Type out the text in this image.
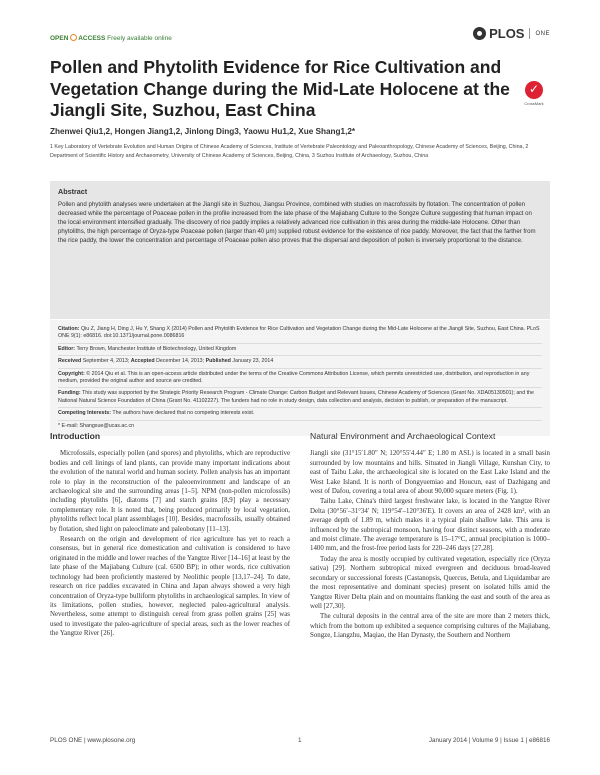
OPEN ACCESS Freely available online	PLOS ONE
Pollen and Phytolith Evidence for Rice Cultivation and Vegetation Change during the Mid-Late Holocene at the Jiangli Site, Suzhou, East China
✓	CrossMark
Zhenwei Qiu1,2, Hongen Jiang1,2, Jinlong Ding3, Yaowu Hu1,2, Xue Shang1,2*
1 Key Laboratory of Vertebrate Evolution and Human Origins of Chinese Academy of Sciences, Institute of Vertebrate Paleontology and Paleoanthropology, Chinese Academy of Sciences, Beijing, China, 2 Department of Scientific History and Archaeometry, University of Chinese Academy of Sciences, Beijing, China, 3 Suzhou Institute of Archaeology, Suzhou, China
Abstract

Pollen and phytolith analyses were undertaken at the Jiangli site in Suzhou, Jiangsu Province, combined with studies on macrofossils by flotation. The concentration of pollen decreased while the percentage of Poaceae pollen in the profile increased from the late phase of the Majiabang Culture to the Songze Culture suggesting that human impact on the local environment intensified gradually. The discovery of rice paddy implies a relatively advanced rice cultivation in this area during the middle-late Holocene. Other than phytoliths, the high percentage of Oryza-type Poaceae pollen (larger than 40 μm) supplied robust evidence for the existence of rice paddy. Moreover, the fact that the farther from the rice paddy, the lower the concentration and percentage of Poaceae pollen also proves that the dispersal and deposition of pollen is inversely proportional to the distance.

Citation: Qiu Z, Jiang H, Ding J, Hu Y, Shang X (2014) Pollen and Phytolith Evidence for Rice Cultivation and Vegetation Change during the Mid-Late Holocene at the Jiangli Site, Suzhou, East China. PLoS ONE 9(1): e86816. doi:10.1371/journal.pone.0086816

Editor: Terry Brown, Manchester Institute of Biotechnology, United Kingdom

Received September 4, 2013; Accepted December 14, 2013; Published January 23, 2014

Copyright: © 2014 Qiu et al. This is an open-access article distributed under the terms of the Creative Commons Attribution License, which permits unrestricted use, distribution, and reproduction in any medium, provided the original author and source are credited.

Funding: This study was supported by the Strategic Priority Research Program - Climate Change: Carbon Budget and Relevant Issues, Chinese Academy of Sciences (Grant No. XDA05130501); and the National Natural Science Foundation of China (Grant No. 41102227). The funders had no role in study design, data collection and analysis, decision to publish, or preparation of the manuscript.

Competing Interests: The authors have declared that no competing interests exist.

* E-mail: Shangxue@ucas.ac.cn

Introduction

Microfossils, especially pollen (and spores) and phytoliths, which are reproductive bodies and cell linings of land plants, can provide many important indications about the evolution of the natural world and human society. Pollen analysis has an important role to play in the reconstruction of the paleoenvironment and landscape of an archaeological site and the surrounding areas [1–5]. NPM (non-pollen microfossils) including phytoliths [6], diatoms [7] and starch grains [8,9] play a necessary complementary role. It is noted that, being produced primarily by local vegetation, phytoliths reflect local plant assemblages [10]. Besides, macrofossils, usually obtained by flotation, shed light on paleoclimate and paleobotany [11–13].

Research on the origin and development of rice agriculture has yet to reach a consensus, but in general rice domestication and cultivation is considered to have originated in the middle and lower reaches of the Yangtze River [14–16] at least by the late phase of the Majiabang Culture (cal. 6500 BP); in other words, rice cultivation technology had been proficiently mastered by Neolithic people [13,17–24]. To date, research on rice paddies excavated in China and Japan always showed a very high concentration of Oryza-type bulliform phytoliths in archaeological samples. In view of its limitations, pollen studies, however, neglected paleo-agricultural analysis. Nevertheless, some attempt to distinguish cereal from grass pollen grains [25] was used to investigate the paleo-agriculture of special areas, such as the lower reaches of the Yangtze River [26].

Natural Environment and Archaeological Context

Jiangli site (31°15′1.80″ N; 120°55′4.44″ E; 1.80 m ASL) is located in a small basin surrounded by low mountains and hills. Situated in Jiangli Village, Kunshan City, to east of Taihu Lake, the archaeological site is located on the East Lake Island and the West Lake Island. It is north of Dongyuemiao and Houcun, east of Dazhigang and west of Dafou, covering a total area of about 90,000 square meters (Fig. 1).

Taihu Lake, China's third largest freshwater lake, is located in the Yangtze River Delta (30°56′–31°34′ N; 119°54′–120°36′E). It covers an area of 2428 km², with an average depth of 1.89 m, which makes it a typical plain shallow lake. This area is influenced by the subtropical monsoon, having four distinct seasons, with a moderate and moist climate. The average temperature is 15–17°C, annual precipitation is 1000–1400 mm, and the frost-free period lasts for 220–246 days [27,28].

Today the area is mostly occupied by cultivated vegetation, especially rice (Oryza sativa) [29]. Northern subtropical mixed evergreen and deciduous broad-leaved secondary or successional forests (Castanopsis, Quercus, Betula, and Liquidambar are the most representative and dominant species) present on isolated hills amid the Yangtze River Delta plain and on mountains flanking the east and south of the area as well [27,30].

The cultural deposits in the central area of the site are more than 2 meters thick, which from the bottom up exhibited a sequence comprising cultures of the Majiabang, Songze, Liangzhu, Maqiao, the Han Dynasty, the Southern and Northern

PLOS ONE | www.plosone.org	1	January 2014 | Volume 9 | Issue 1 | e86816
